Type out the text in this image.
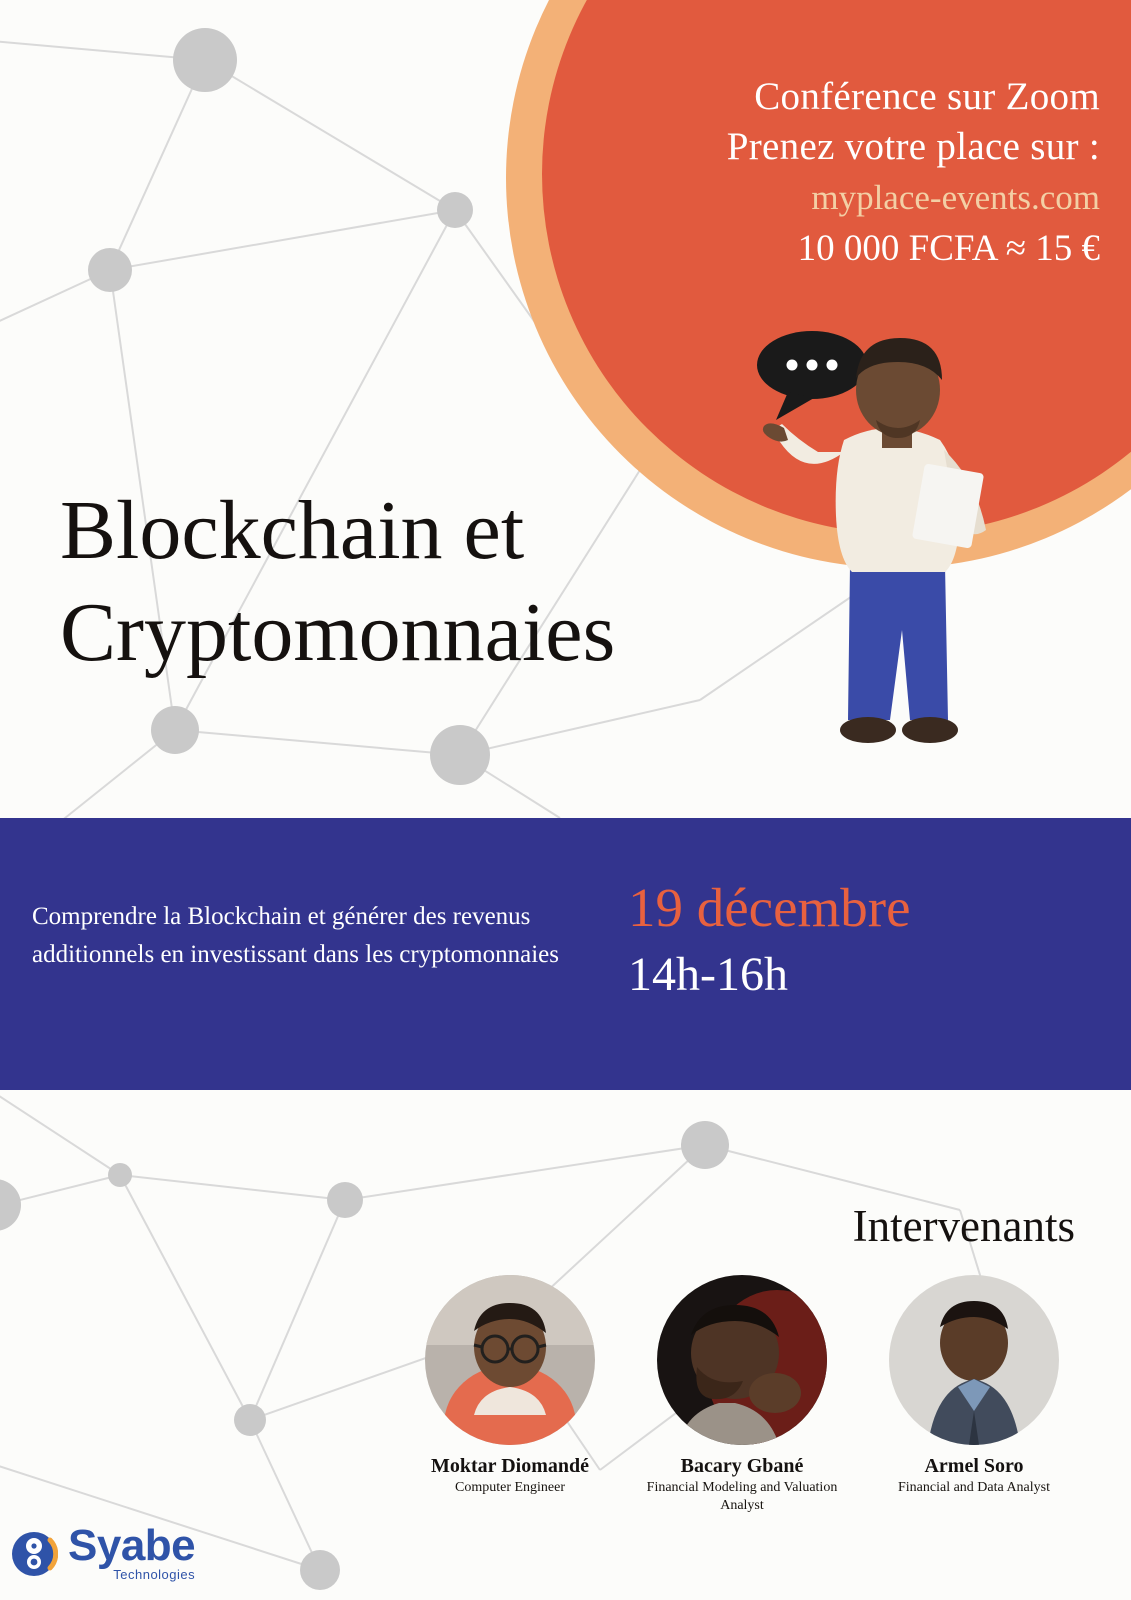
Conférence sur Zoom
Prenez votre place sur :
myplace-events.com
10 000 FCFA ≈ 15 €
Blockchain et
Cryptomonnaies
Comprendre la Blockchain et générer des revenus additionnels en investissant dans les cryptomonnaies
19 décembre
14h-16h
Intervenants
Moktar Diomandé
Computer Engineer
Bacary Gbané
Financial Modeling and Valuation Analyst
Armel Soro
Financial and Data Analyst
Syabe
Technologies
